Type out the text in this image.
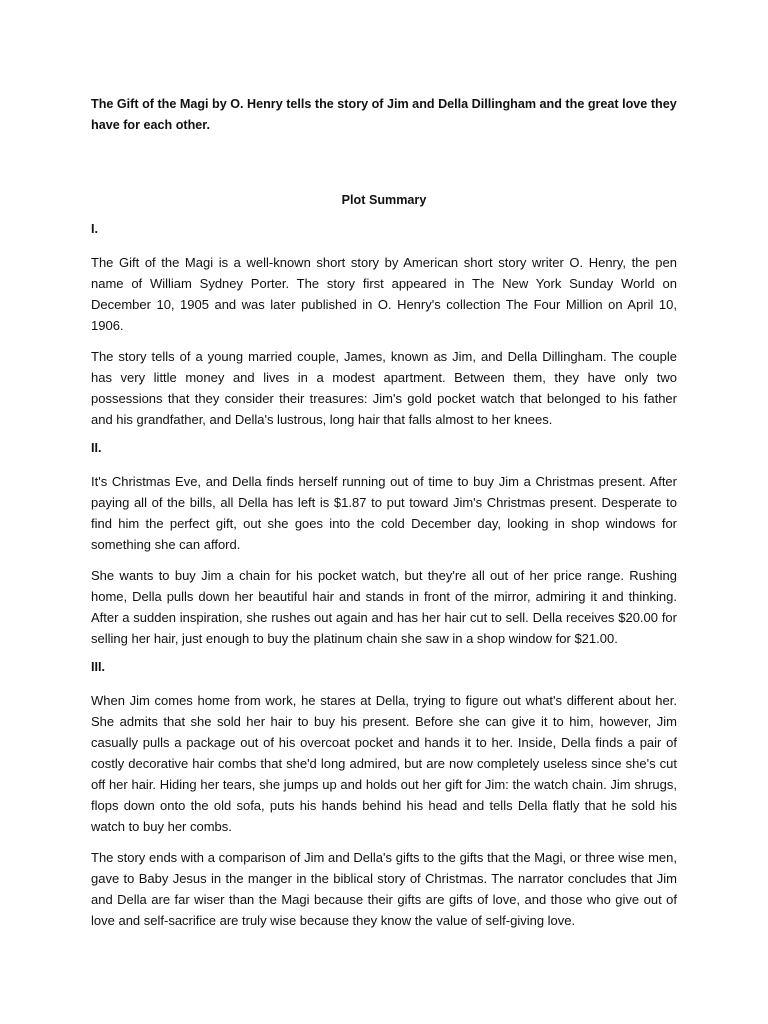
The Gift of the Magi by O. Henry tells the story of Jim and Della Dillingham and the great love they have for each other.

Plot Summary

I.

The Gift of the Magi is a well-known short story by American short story writer O. Henry, the pen name of William Sydney Porter. The story first appeared in The New York Sunday World on December 10, 1905 and was later published in O. Henry's collection The Four Million on April 10, 1906.

The story tells of a young married couple, James, known as Jim, and Della Dillingham. The couple has very little money and lives in a modest apartment. Between them, they have only two possessions that they consider their treasures: Jim's gold pocket watch that belonged to his father and his grandfather, and Della's lustrous, long hair that falls almost to her knees.

II.

It's Christmas Eve, and Della finds herself running out of time to buy Jim a Christmas present. After paying all of the bills, all Della has left is $1.87 to put toward Jim's Christmas present. Desperate to find him the perfect gift, out she goes into the cold December day, looking in shop windows for something she can afford.

She wants to buy Jim a chain for his pocket watch, but they're all out of her price range. Rushing home, Della pulls down her beautiful hair and stands in front of the mirror, admiring it and thinking. After a sudden inspiration, she rushes out again and has her hair cut to sell. Della receives $20.00 for selling her hair, just enough to buy the platinum chain she saw in a shop window for $21.00.

III.

When Jim comes home from work, he stares at Della, trying to figure out what's different about her. She admits that she sold her hair to buy his present. Before she can give it to him, however, Jim casually pulls a package out of his overcoat pocket and hands it to her. Inside, Della finds a pair of costly decorative hair combs that she'd long admired, but are now completely useless since she's cut off her hair. Hiding her tears, she jumps up and holds out her gift for Jim: the watch chain. Jim shrugs, flops down onto the old sofa, puts his hands behind his head and tells Della flatly that he sold his watch to buy her combs.

The story ends with a comparison of Jim and Della's gifts to the gifts that the Magi, or three wise men, gave to Baby Jesus in the manger in the biblical story of Christmas. The narrator concludes that Jim and Della are far wiser than the Magi because their gifts are gifts of love, and those who give out of love and self-sacrifice are truly wise because they know the value of self-giving love.
